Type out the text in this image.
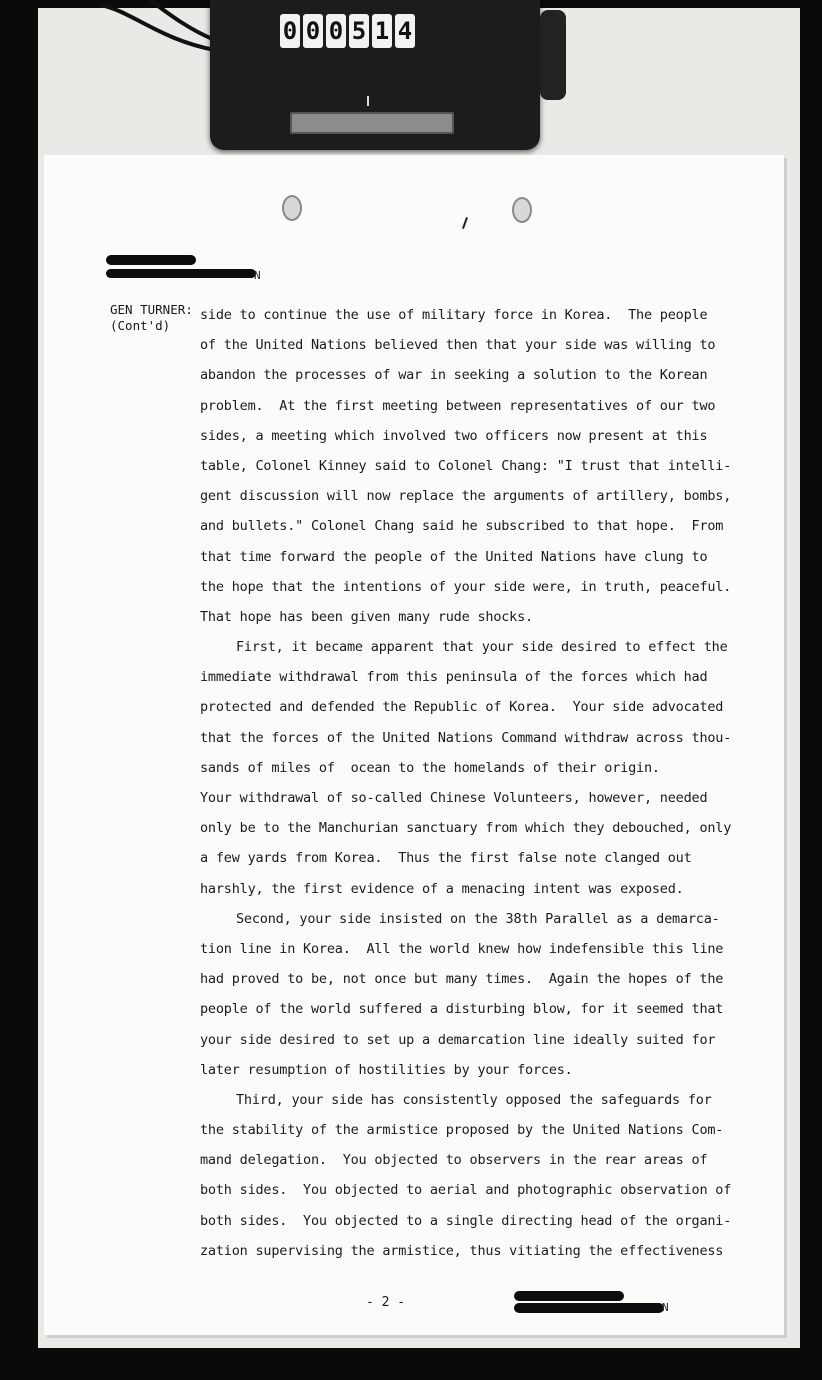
0 0 0 5 1 4
N
GEN TURNER:
(Cont'd)
side to continue the use of military force in Korea.  The people
of the United Nations believed then that your side was willing to
abandon the processes of war in seeking a solution to the Korean
problem.  At the first meeting between representatives of our two
sides, a meeting which involved two officers now present at this
table, Colonel Kinney said to Colonel Chang: "I trust that intelli-
gent discussion will now replace the arguments of artillery, bombs,
and bullets." Colonel Chang said he subscribed to that hope.  From
that time forward the people of the United Nations have clung to
the hope that the intentions of your side were, in truth, peaceful.
That hope has been given many rude shocks.
First, it became apparent that your side desired to effect the
immediate withdrawal from this peninsula of the forces which had
protected and defended the Republic of Korea.  Your side advocated
that the forces of the United Nations Command withdraw across thou-
sands of miles of  ocean to the homelands of their origin.
Your withdrawal of so-called Chinese Volunteers, however, needed
only be to the Manchurian sanctuary from which they debouched, only
a few yards from Korea.  Thus the first false note clanged out
harshly, the first evidence of a menacing intent was exposed.
Second, your side insisted on the 38th Parallel as a demarca-
tion line in Korea.  All the world knew how indefensible this line
had proved to be, not once but many times.  Again the hopes of the
people of the world suffered a disturbing blow, for it seemed that
your side desired to set up a demarcation line ideally suited for
later resumption of hostilities by your forces.
Third, your side has consistently opposed the safeguards for
the stability of the armistice proposed by the United Nations Com-
mand delegation.  You objected to observers in the rear areas of
both sides.  You objected to aerial and photographic observation of
both sides.  You objected to a single directing head of the organi-
zation supervising the armistice, thus vitiating the effectiveness
- 2 -	N
